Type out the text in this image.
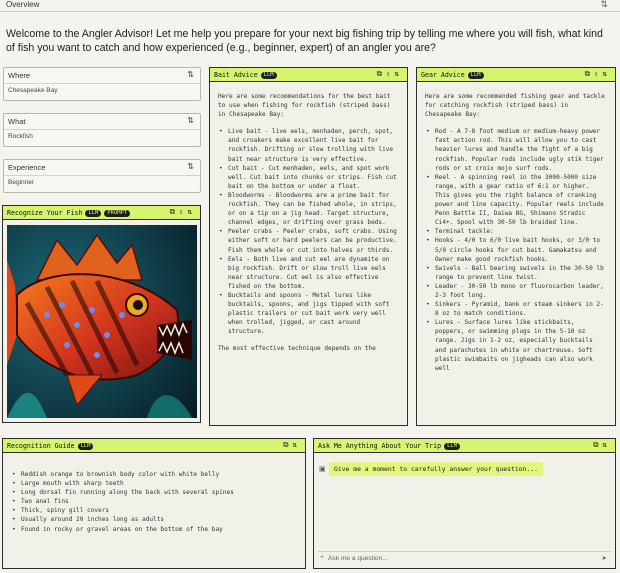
Overview	⇅
Welcome to the Angler Advisor! Let me help you prepare for your next big fishing trip by telling me where you will fish, what kind of fish you want to catch and how experienced (e.g., beginner, expert) of an angler you are?
Where	⇅
Chesapeake Bay
What	⇅
Rockfish
Experience	⇅
Beginner
Recognize Your Fish LLM PROMPT	⧉⇪⇅
Bait Advice LLM	⧉⇪⇅

Here are some recommendations for the best bait to use when fishing for rockfish (striped bass) in Chesapeake Bay:

• Live bait - live eels, menhaden, perch, spot, and croakers make excellent live bait for rockfish. Drifting or slow trolling with live bait near structure is very effective.
• Cut bait - Cut menhaden, eels, and spot work well. Cut bait into chunks or strips. Fish cut bait on the bottom or under a float.
• Bloodworms - Bloodworms are a prime bait for rockfish. They can be fished whole, in strips, or on a tip on a jig head. Target structure, channel edges, or drifting over grass beds.
• Peeler crabs - Peeler crabs, soft crabs. Using either soft or hard peelers can be productive. Fish them whole or cut into halves or thirds.
• Eels - Both live and cut eel are dynamite on big rockfish. Drift or slow troll live eels near structure. Cut eel is also effective fished on the bottom.
• Bucktails and spoons - Metal lures like bucktails, spoons, and jigs tipped with soft plastic trailers or cut bait work very well when trolled, jigged, or cast around structure.

The most effective technique depends on the

Gear Advice LLM	⧉⇪⇅

Here are some recommended fishing gear and tackle for catching rockfish (striped bass) in Chesapeake Bay:

• Rod - A 7-8 foot medium or medium-heavy power fast action rod. This will allow you to cast heavier lures and handle the fight of a big rockfish. Popular rods include ugly stik tiger rods or st croix mojo surf rods.
• Reel - A spinning reel in the 3000-5000 size range, with a gear ratio of 6:1 or higher. This gives you the right balance of cranking power and line capacity. Popular reels include Penn Battle II, Daiwa BG, Shimano Stradic Ci4+. Spool with 30-50 lb braided line.
• Terminal tackle:
• Hooks - 4/0 to 6/0 live bait hooks, or 3/0 to 5/0 circle hooks for cut bait. Gamakatsu and Owner make good rockfish hooks.
• Swivels - Ball bearing swivels in the 30-50 lb range to prevent line twist.
• Leader - 30-50 lb mono or fluorocarbon leader, 2-3 foot long.
• Sinkers - Pyramid, bank or steam sinkers in 2-8 oz to match conditions.
• Lures - Surface lures like stickbaits, poppers, or swimming plugs in the 5-10 oz range. Jigs in 1-2 oz, especially bucktails and parachutes in white or chartreuse. Soft plastic swimbaits on jigheads can also work well
Recognition Guide LLM	⧉⇅
• Reddish orange to brownish body color with white belly
• Large mouth with sharp teeth
• Long dorsal fin running along the back with several spines
• Two anal fins
• Thick, spiny gill covers
• Usually around 20 inches long as adults
• Found in rocky or gravel areas on the bottom of the bay
Ask Me Anything About Your Trip LLM	⧉⇅
▣	Give me a moment to carefully answer your question...
+ Ask me a question...	➤
